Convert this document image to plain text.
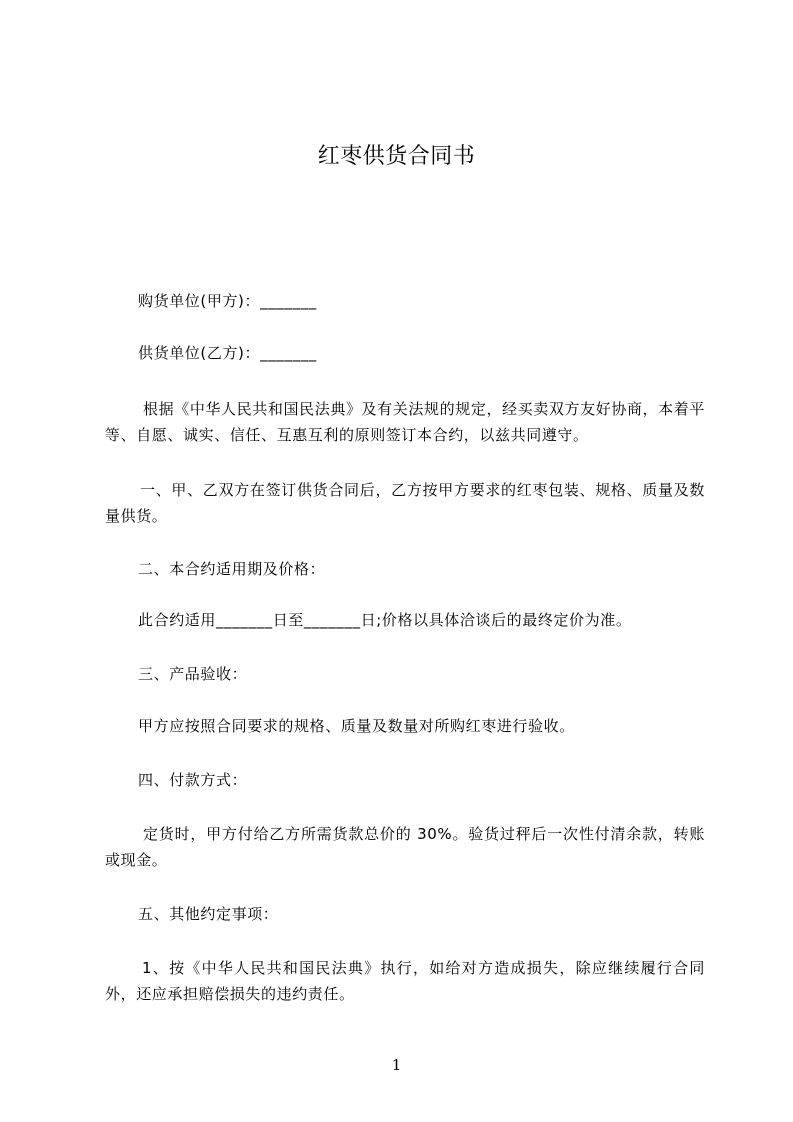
红枣供货合同书
购货单位(甲方)：_______
供货单位(乙方)：_______
根据《中华人民共和国民法典》及有关法规的规定，经买卖双方友好协商，本着平等、自愿、诚实、信任、互惠互利的原则签订本合约，以兹共同遵守。
一、甲、乙双方在签订供货合同后，乙方按甲方要求的红枣包装、规格、质量及数量供货。
二、本合约适用期及价格：
此合约适用_______日至_______日;价格以具体洽谈后的最终定价为准。
三、产品验收：
甲方应按照合同要求的规格、质量及数量对所购红枣进行验收。
四、付款方式：
定货时，甲方付给乙方所需货款总价的 30%。验货过秤后一次性付清余款，转账或现金。
五、其他约定事项：
1、按《中华人民共和国民法典》执行，如给对方造成损失，除应继续履行合同外，还应承担赔偿损失的违约责任。
1
